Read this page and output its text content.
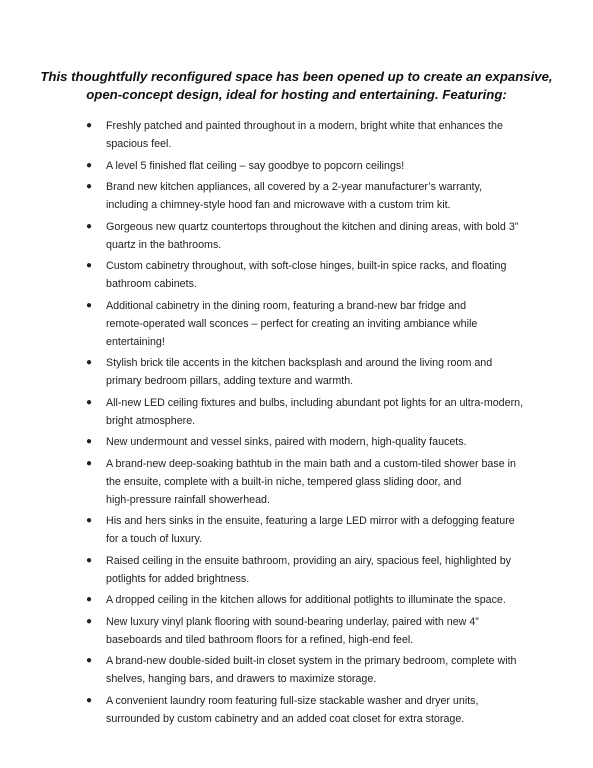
This thoughtfully reconfigured space has been opened up to create an expansive,
open-concept design, ideal for hosting and entertaining. Featuring:
● Freshly patched and painted throughout in a modern, bright white that enhances the
spacious feel.
● A level 5 finished flat ceiling – say goodbye to popcorn ceilings!
● Brand new kitchen appliances, all covered by a 2-year manufacturer’s warranty,
including a chimney-style hood fan and microwave with a custom trim kit.
● Gorgeous new quartz countertops throughout the kitchen and dining areas, with bold 3”
quartz in the bathrooms.
● Custom cabinetry throughout, with soft-close hinges, built-in spice racks, and floating
bathroom cabinets.
● Additional cabinetry in the dining room, featuring a brand-new bar fridge and
remote-operated wall sconces – perfect for creating an inviting ambiance while
entertaining!
● Stylish brick tile accents in the kitchen backsplash and around the living room and
primary bedroom pillars, adding texture and warmth.
● All-new LED ceiling fixtures and bulbs, including abundant pot lights for an ultra-modern,
bright atmosphere.
● New undermount and vessel sinks, paired with modern, high-quality faucets.
● A brand-new deep-soaking bathtub in the main bath and a custom-tiled shower base in
the ensuite, complete with a built-in niche, tempered glass sliding door, and
high-pressure rainfall showerhead.
● His and hers sinks in the ensuite, featuring a large LED mirror with a defogging feature
for a touch of luxury.
● Raised ceiling in the ensuite bathroom, providing an airy, spacious feel, highlighted by
potlights for added brightness.
● A dropped ceiling in the kitchen allows for additional potlights to illuminate the space.
● New luxury vinyl plank flooring with sound-bearing underlay, paired with new 4”
baseboards and tiled bathroom floors for a refined, high-end feel.
● A brand-new double-sided built-in closet system in the primary bedroom, complete with
shelves, hanging bars, and drawers to maximize storage.
● A convenient laundry room featuring full-size stackable washer and dryer units,
surrounded by custom cabinetry and an added coat closet for extra storage.
